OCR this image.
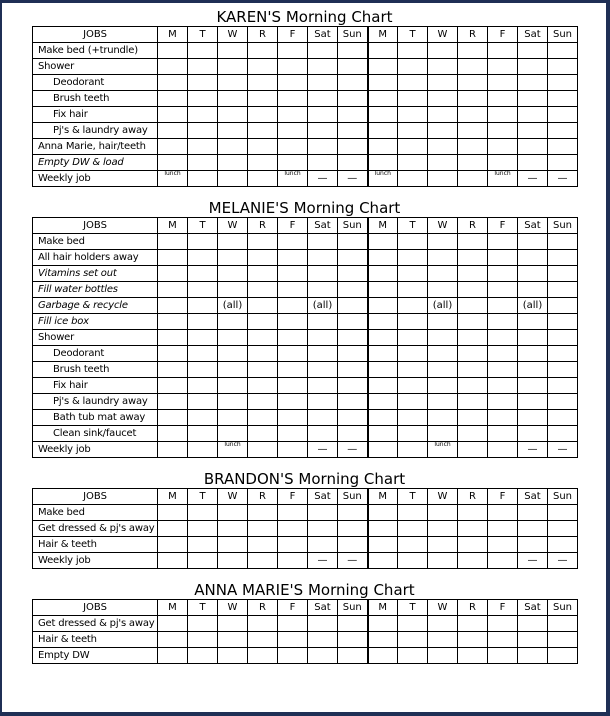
KAREN'S Morning Chart
JOBS	M	T	W	R	F	Sat	Sun	M	T	W	R	F	Sat	Sun
Make bed (+trundle)														
Shower														
Deodorant														
Brush teeth														
Fix hair														
Pj's & laundry away														
Anna Marie, hair/teeth														
Empty DW & load														
Weekly job	lunch				lunch	—	—	lunch				lunch	—	—
MELANIE'S Morning Chart
JOBS	M	T	W	R	F	Sat	Sun	M	T	W	R	F	Sat	Sun
Make bed														
All hair holders away														
Vitamins set out														
Fill water bottles														
Garbage & recycle			(all)			(all)				(all)			(all)	
Fill ice box														
Shower														
Deodorant														
Brush teeth														
Fix hair														
Pj's & laundry away														
Bath tub mat away														
Clean sink/faucet														
Weekly job			lunch			—	—			lunch			—	—
BRANDON'S Morning Chart
JOBS	M	T	W	R	F	Sat	Sun	M	T	W	R	F	Sat	Sun
Make bed														
Get dressed & pj's away														
Hair & teeth														
Weekly job						—	—						—	—
ANNA MARIE'S Morning Chart
JOBS	M	T	W	R	F	Sat	Sun	M	T	W	R	F	Sat	Sun
Get dressed & pj's away														
Hair & teeth														
Empty DW														
